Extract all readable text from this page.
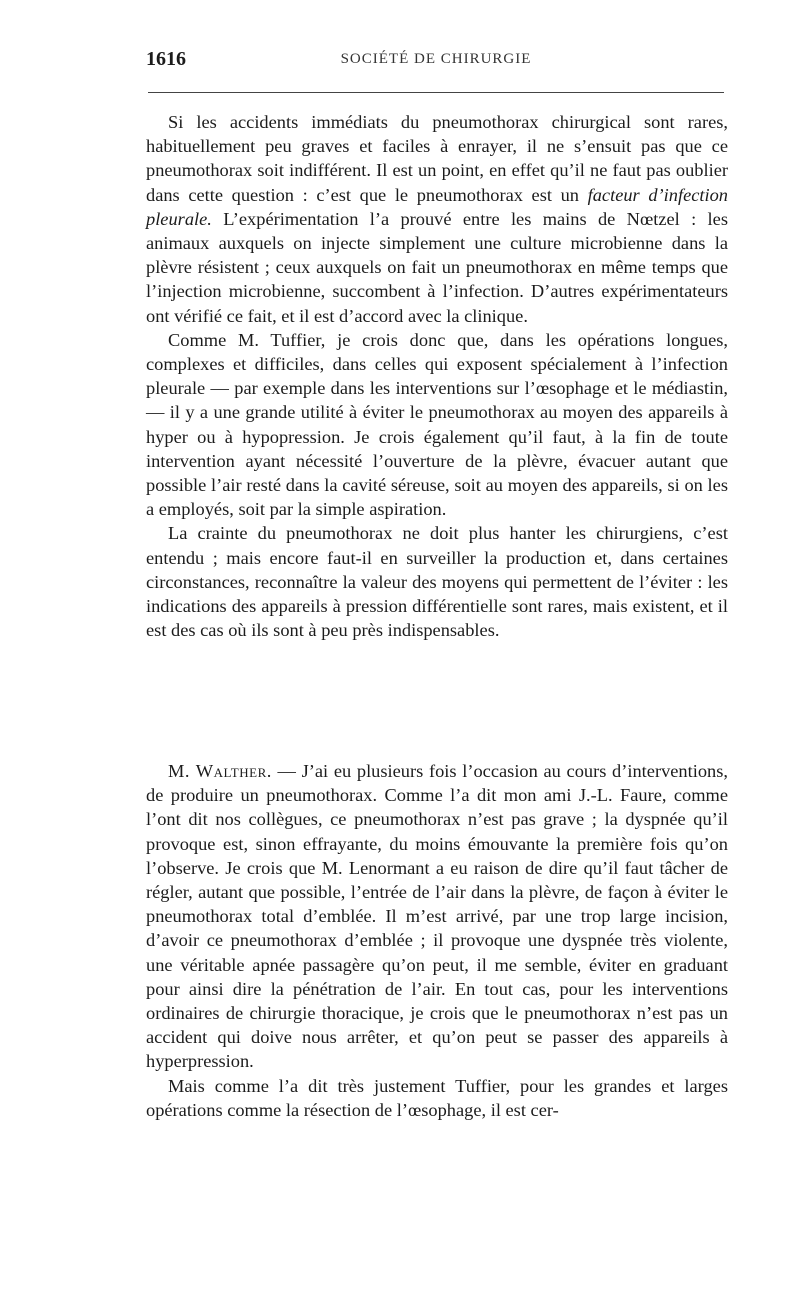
1616	SOCIÉTÉ DE CHIRURGIE

Si les accidents immédiats du pneumothorax chirurgical sont rares, habituellement peu graves et faciles à enrayer, il ne s’ensuit pas que ce pneumothorax soit indifférent. Il est un point, en effet qu’il ne faut pas oublier dans cette question : c’est que le pneumothorax est un facteur d’infection pleurale. L’expérimentation l’a prouvé entre les mains de Nœtzel : les animaux auxquels on injecte simplement une culture microbienne dans la plèvre résistent ; ceux auxquels on fait un pneumothorax en même temps que l’injection microbienne, succombent à l’infection. D’autres expérimentateurs ont vérifié ce fait, et il est d’accord avec la clinique.

Comme M. Tuffier, je crois donc que, dans les opérations longues, complexes et difficiles, dans celles qui exposent spécialement à l’infection pleurale — par exemple dans les interventions sur l’œsophage et le médiastin, — il y a une grande utilité à éviter le pneumothorax au moyen des appareils à hyper ou à hypopression. Je crois également qu’il faut, à la fin de toute intervention ayant nécessité l’ouverture de la plèvre, évacuer autant que possible l’air resté dans la cavité séreuse, soit au moyen des appareils, si on les a employés, soit par la simple aspiration.

La crainte du pneumothorax ne doit plus hanter les chirurgiens, c’est entendu ; mais encore faut-il en surveiller la production et, dans certaines circonstances, reconnaître la valeur des moyens qui permettent de l’éviter : les indications des appareils à pression différentielle sont rares, mais existent, et il est des cas où ils sont à peu près indispensables.

M. Walther. — J’ai eu plusieurs fois l’occasion au cours d’interventions, de produire un pneumothorax. Comme l’a dit mon ami J.-L. Faure, comme l’ont dit nos collègues, ce pneumothorax n’est pas grave ; la dyspnée qu’il provoque est, sinon effrayante, du moins émouvante la première fois qu’on l’observe. Je crois que M. Lenormant a eu raison de dire qu’il faut tâcher de régler, autant que possible, l’entrée de l’air dans la plèvre, de façon à éviter le pneumothorax total d’emblée. Il m’est arrivé, par une trop large incision, d’avoir ce pneumothorax d’emblée ; il provoque une dyspnée très violente, une véritable apnée passagère qu’on peut, il me semble, éviter en graduant pour ainsi dire la pénétration de l’air. En tout cas, pour les interventions ordinaires de chirurgie thoracique, je crois que le pneumothorax n’est pas un accident qui doive nous arrêter, et qu’on peut se passer des appareils à hyperpression.

Mais comme l’a dit très justement Tuffier, pour les grandes et larges opérations comme la résection de l’œsophage, il est cer-
